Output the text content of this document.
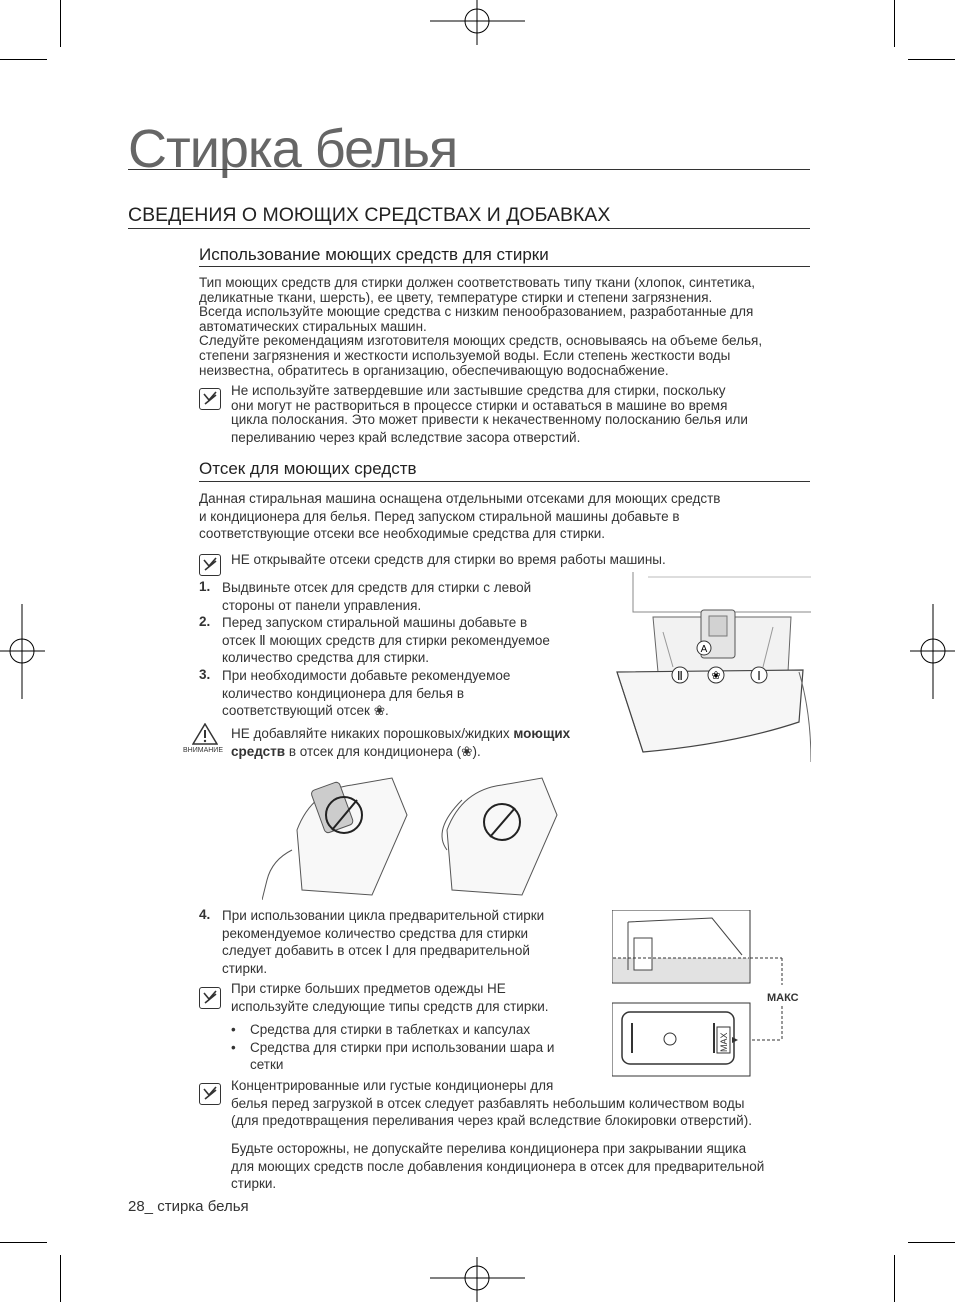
Стирка белья
СВЕДЕНИЯ О МОЮЩИХ СРЕДСТВАХ И ДОБАВКАХ
Использование моющих средств для стирки
Тип моющих средств для стирки должен соответствовать типу ткани (хлопок, синтетика,
деликатные ткани, шерсть), ее цвету, температуре стирки и степени загрязнения.
Всегда используйте моющие средства с низким пенообразованием, разработанные для
автоматических стиральных машин.
Следуйте рекомендациям изготовителя моющих средств, основываясь на объеме белья,
степени загрязнения и жесткости используемой воды. Если степень жесткости воды
неизвестна, обратитесь в организацию, обеспечивающую водоснабжение.
Не используйте затвердевшие или застывшие средства для стирки, поскольку
они могут не раствориться в процессе стирки и оставаться в машине во время
цикла полоскания. Это может привести к некачественному полосканию белья или
переливанию через край вследствие засора отверстий.
Отсек для моющих средств
Данная стиральная машина оснащена отдельными отсеками для моющих средств
и кондиционера для белья. Перед запуском стиральной машины добавьте в
соответствующие отсеки все необходимые средства для стирки.
НЕ открывайте отсеки средств для стирки во время работы машины.
1. Выдвиньте отсек для средств для стирки с левой
стороны от панели управления.
2. Перед запуском стиральной машины добавьте в
отсек Ⅱ моющих средств для стирки рекомендуемое
количество средства для стирки.
3. При необходимости добавьте рекомендуемое
количество кондиционера для белья в
соответствующий отсек ❀.
ВНИМАНИЕ
НЕ добавляйте никаких порошковых/жидких моющих
средств в отсек для кондиционера (❀).
A
Ⅱ	❀	Ⅰ
4. При использовании цикла предварительной стирки
рекомендуемое количество средства для стирки
следует добавить в отсек Ⅰ для предварительной
стирки.
При стирке больших предметов одежды НЕ
используйте следующие типы средств для стирки.
•	Средства для стирки в таблетках и капсулах
•	Средства для стирки при использовании шара и
сетки
МАКС
MAX
Концентрированные или густые кондиционеры для
белья перед загрузкой в отсек следует разбавлять небольшим количеством воды
(для предотвращения переливания через край вследствие блокировки отверстий).
Будьте осторожны, не допускайте перелива кондиционера при закрывании ящика
для моющих средств после добавления кондиционера в отсек для предварительной
стирки.
28_ стирка белья
